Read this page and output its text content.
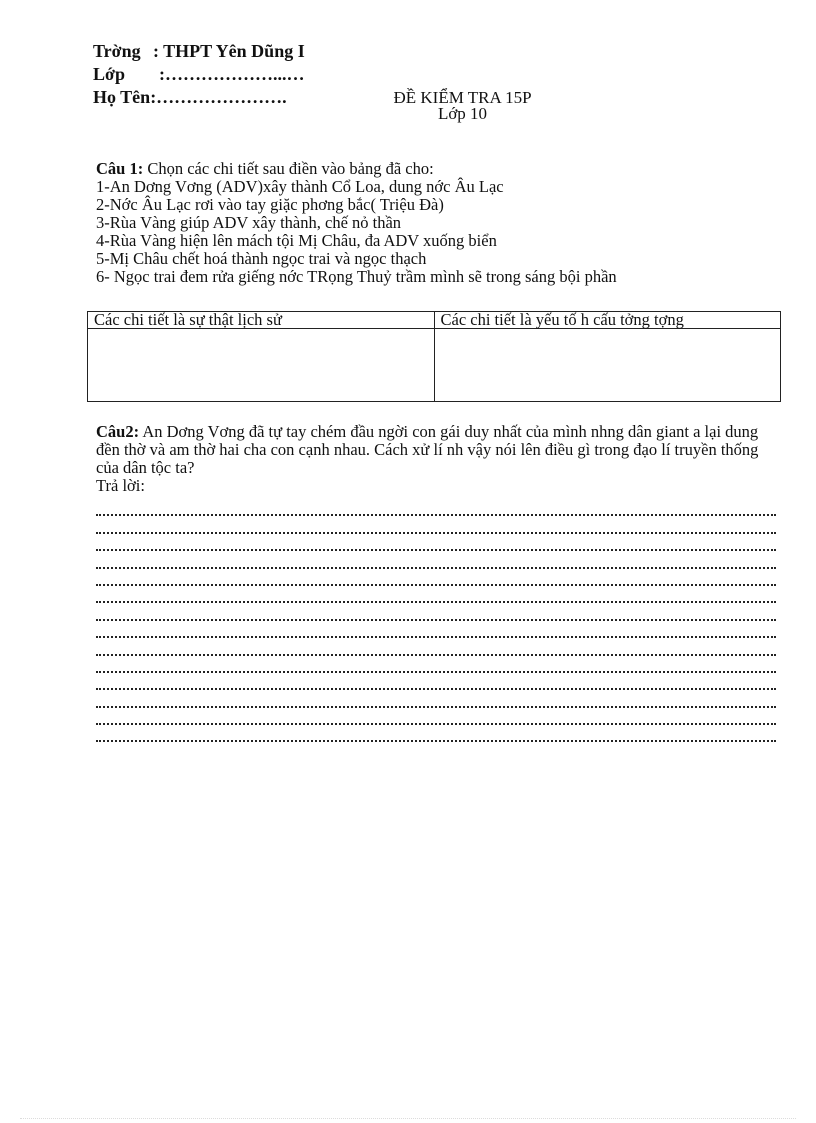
Trờng : THPT Yên Dũng I
Lớp	:………………...…
Họ Tên :………………….	ĐỀ KIỂM TRA 15P
Lớp 10
Câu 1: Chọn các chi tiết sau điền vào bảng đã cho:
1-An Dơng Vơng (ADV)xây thành Cổ Loa, dung nớc Âu Lạc
2-Nớc Âu Lạc rơi vào tay giặc phơng bắc( Triệu Đà)
3-Rùa Vàng giúp ADV xây thành, chế nỏ thần
4-Rùa Vàng hiện lên mách tội Mị Châu, đa ADV xuống biển
5-Mị Châu chết hoá thành ngọc trai và ngọc thạch
6- Ngọc trai đem rửa giếng nớc TRọng Thuỷ trầm mình sẽ trong sáng bội phần
Các chi tiết là sự thật lịch sử	Các chi tiết là yếu tố h cấu tởng tợng

Câu2: An Dơng Vơng đã tự tay chém đầu ngời con gái duy nhất của mình nhng dân giant a lại dung đền thờ và am thờ hai cha con cạnh nhau. Cách xử lí nh vậy nói lên điều gì trong đạo lí truyền thống của dân tộc ta?

Trả lời:
